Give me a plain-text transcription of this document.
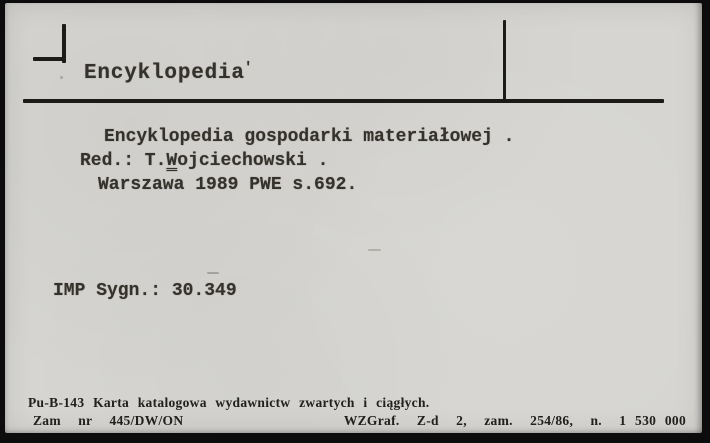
Encyklopedia '
Encyklopedia gospodarki materiałowej .
Red.: T.Wojciechowski .
Warszawa 1989 PWE s.692.
IMP Sygn.: 30.349
Pu-B-143 Karta katalogowa wydawnictw zwartych i ciągłych.
Zam  nr  445/DW/ON	WZGraf.  Z-d  2,  zam.  254/86,  n.  1 530 000
